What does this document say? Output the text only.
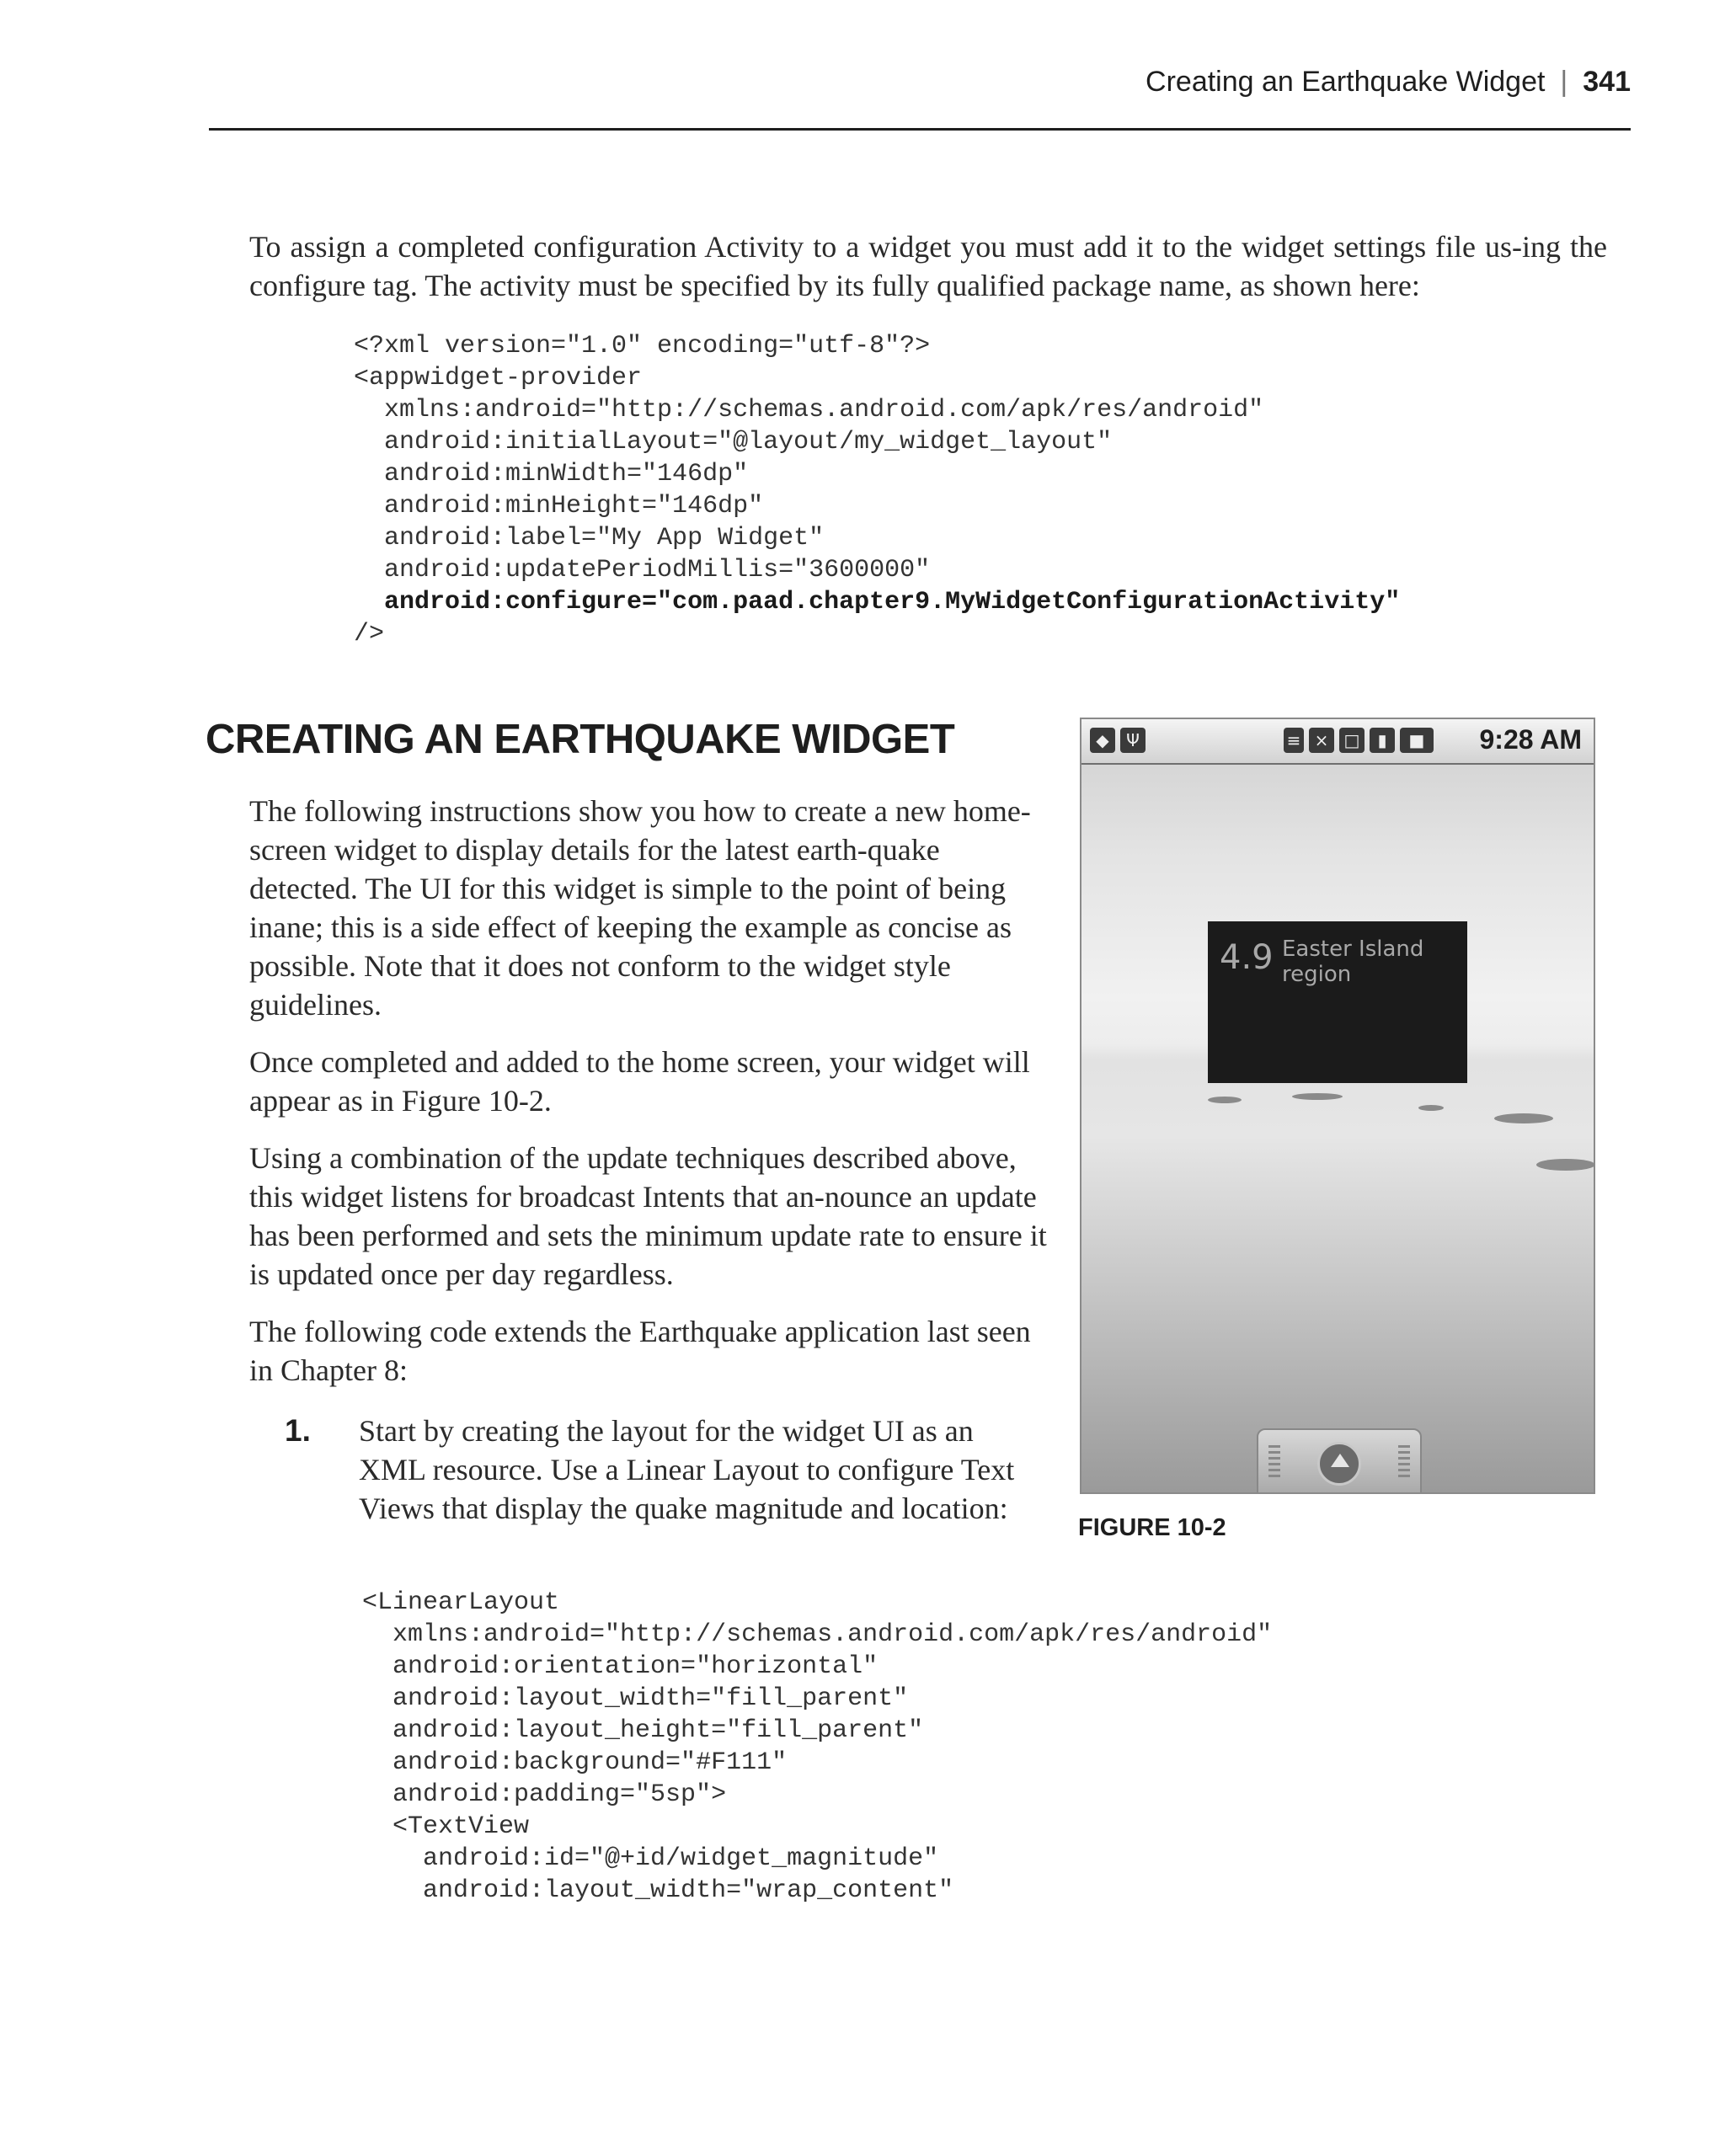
Creating an Earthquake Widget | 341

To assign a completed configuration Activity to a widget you must add it to the widget settings file us-ing the configure tag. The activity must be specified by its fully qualified package name, as shown here:

<?xml version="1.0" encoding="utf-8"?>
<appwidget-provider
xmlns:android="http://schemas.android.com/apk/res/android"
android:initialLayout="@layout/my_widget_layout"
android:minWidth="146dp"
android:minHeight="146dp"
android:label="My App Widget"
android:updatePeriodMillis="3600000"
android:configure="com.paad.chapter9.MyWidgetConfigurationActivity"
/>
CREATING AN EARTHQUAKE WIDGET

The following instructions show you how to create a new home-screen widget to display details for the latest earth-quake detected. The UI for this widget is simple to the point of being inane; this is a side effect of keeping the example as concise as possible. Note that it does not conform to the widget style guidelines.

Once completed and added to the home screen, your widget will appear as in Figure 10-2.

Using a combination of the update techniques described above, this widget listens for broadcast Intents that an-nounce an update has been performed and sets the minimum update rate to ensure it is updated once per day regardless.

The following code extends the Earthquake application last seen in Chapter 8:

1. Start by creating the layout for the widget UI as an XML resource. Use a Linear Layout to configure Text Views that display the quake magnitude and location:

<LinearLayout
xmlns:android="http://schemas.android.com/apk/res/android"
android:orientation="horizontal"
android:layout_width="fill_parent"
android:layout_height="fill_parent"
android:background="#F111"
android:padding="5sp">
<TextView
android:id="@+id/widget_magnitude"
android:layout_width="wrap_content"
◆	Ψ	≡ × □	▮	■	9:28 AM
4.9 Easter Island region
FIGURE 10-2
